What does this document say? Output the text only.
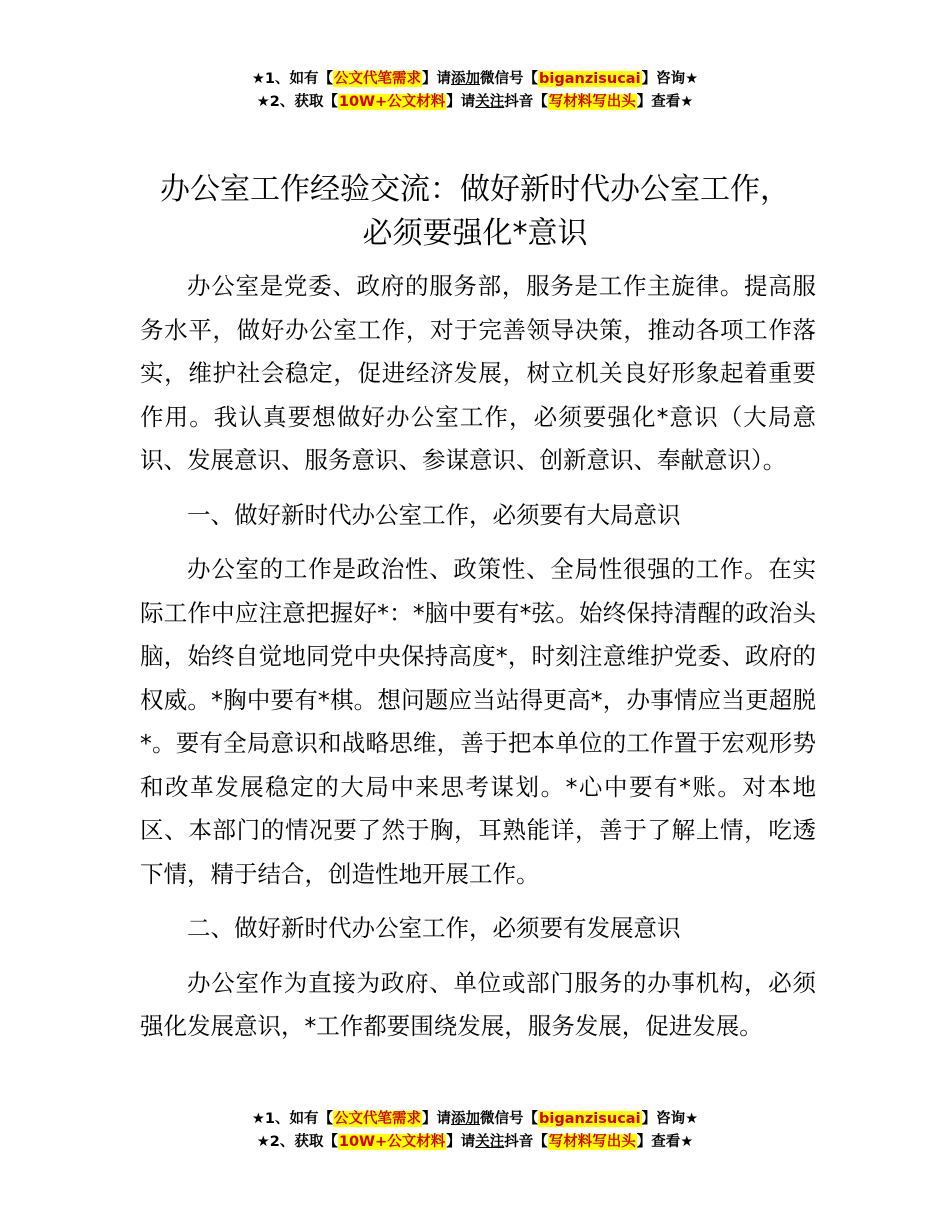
★1、如有【公文代笔需求】请添加微信号【biganzisucai】咨询★
★2、获取【10W+公文材料】请关注抖音【写材料写出头】查看★
办公室工作经验交流：做好新时代办公室工作，
必须要强化*意识

办公室是党委、政府的服务部，服务是工作主旋律。提高服务水平，做好办公室工作，对于完善领导决策，推动各项工作落实，维护社会稳定，促进经济发展，树立机关良好形象起着重要作用。我认真要想做好办公室工作，必须要强化*意识（大局意识、发展意识、服务意识、参谋意识、创新意识、奉献意识）。

一、做好新时代办公室工作，必须要有大局意识

办公室的工作是政治性、政策性、全局性很强的工作。在实际工作中应注意把握好*：*脑中要有*弦。始终保持清醒的政治头脑，始终自觉地同党中央保持高度*，时刻注意维护党委、政府的权威。*胸中要有*棋。想问题应当站得更高*，办事情应当更超脱*。要有全局意识和战略思维，善于把本单位的工作置于宏观形势和改革发展稳定的大局中来思考谋划。*心中要有*账。对本地区、本部门的情况要了然于胸，耳熟能详，善于了解上情，吃透下情，精于结合，创造性地开展工作。

二、做好新时代办公室工作，必须要有发展意识

办公室作为直接为政府、单位或部门服务的办事机构，必须强化发展意识，*工作都要围绕发展，服务发展，促进发展。

★1、如有【公文代笔需求】请添加微信号【biganzisucai】咨询★
★2、获取【10W+公文材料】请关注抖音【写材料写出头】查看★
